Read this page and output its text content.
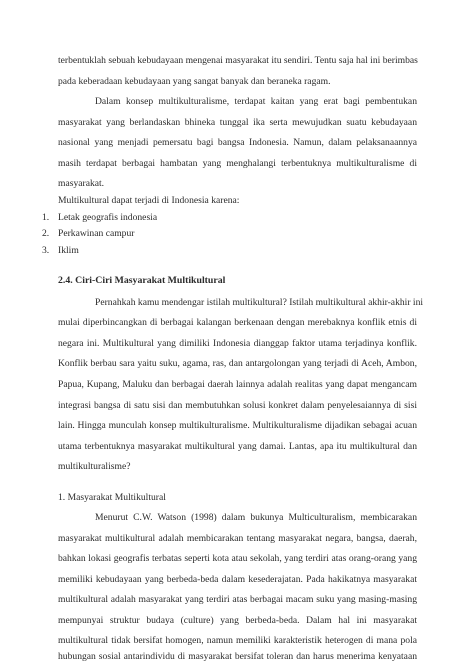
terbentuklah sebuah kebudayaan mengenai masyarakat itu sendiri. Tentu saja hal ini berimbas
pada keberadaan kebudayaan yang sangat banyak dan beraneka ragam.
Dalam konsep multikulturalisme, terdapat kaitan yang erat bagi pembentukan
masyarakat yang berlandaskan bhineka tunggal ika serta mewujudkan suatu kebudayaan
nasional yang menjadi pemersatu bagi bangsa Indonesia. Namun, dalam pelaksanaannya
masih terdapat berbagai hambatan yang menghalangi terbentuknya multikulturalisme di
masyarakat.
Multikultural dapat terjadi di Indonesia karena:
1. Letak geografis indonesia
2. Perkawinan campur
3. Iklim
2.4. Ciri-Ciri Masyarakat Multikultural
Pernahkah kamu mendengar istilah multikultural? Istilah multikultural akhir-akhir ini
mulai diperbincangkan di berbagai kalangan berkenaan dengan merebaknya konflik etnis di
negara ini. Multikultural yang dimiliki Indonesia dianggap faktor utama terjadinya konflik.
Konflik berbau sara yaitu suku, agama, ras, dan antargolongan yang terjadi di Aceh, Ambon,
Papua, Kupang, Maluku dan berbagai daerah lainnya adalah realitas yang dapat mengancam
integrasi bangsa di satu sisi dan membutuhkan solusi konkret dalam penyelesaiannya di sisi
lain. Hingga munculah konsep multikulturalisme. Multikulturalisme dijadikan sebagai acuan
utama terbentuknya masyarakat multikultural yang damai. Lantas, apa itu multikultural dan
multikulturalisme?
1. Masyarakat Multikultural
Menurut C.W. Watson (1998) dalam bukunya Multiculturalism, membicarakan
masyarakat multikultural adalah membicarakan tentang masyarakat negara, bangsa, daerah,
bahkan lokasi geografis terbatas seperti kota atau sekolah, yang terdiri atas orang-orang yang
memiliki kebudayaan yang berbeda-beda dalam kesederajatan. Pada hakikatnya masyarakat
multikultural adalah masyarakat yang terdiri atas berbagai macam suku yang masing-masing
mempunyai struktur budaya (culture) yang berbeda-beda. Dalam hal ini masyarakat
multikultural tidak bersifat homogen, namun memiliki karakteristik heterogen di mana pola
hubungan sosial antarindividu di masyarakat bersifat toleran dan harus menerima kenyataan
